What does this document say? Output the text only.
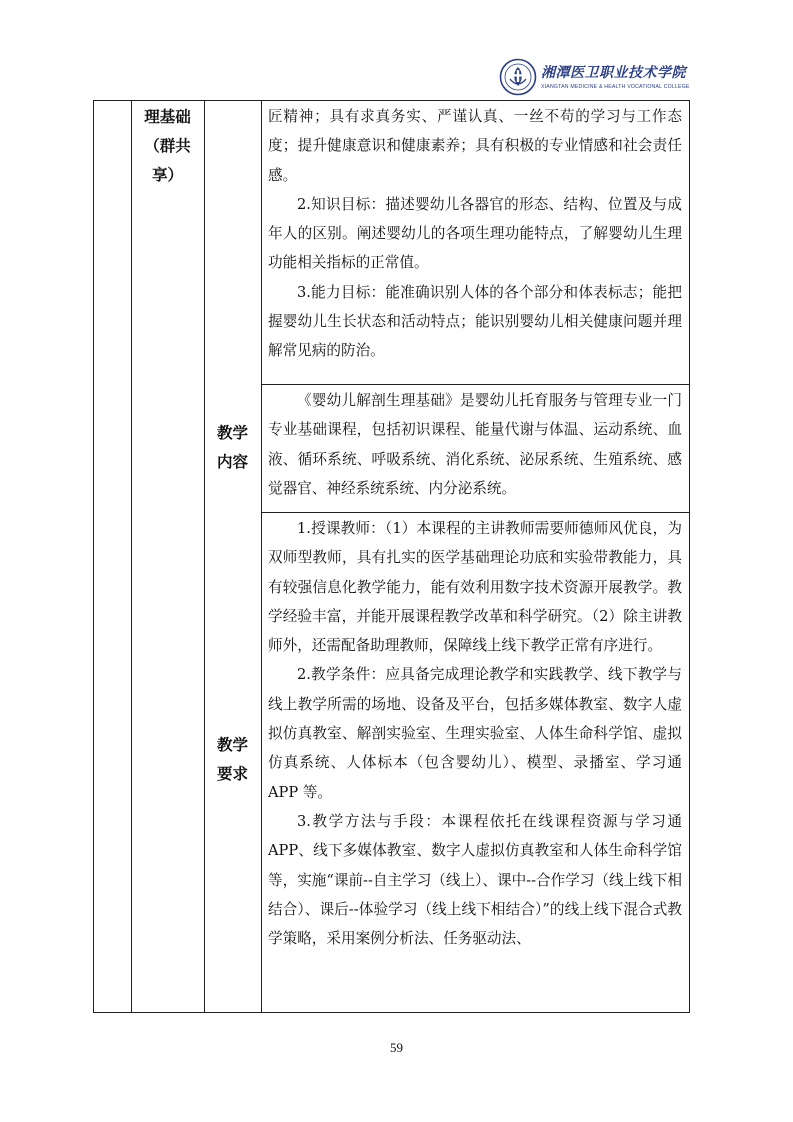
湘潭医卫职业技术学院
XIANGTAN MEDICINE & HEALTH VOCATIONAL COLLEGE
理基础
（群共
享）

匠精神；具有求真务实、严谨认真、一丝不苟的学习与工作态度；提升健康意识和健康素养；具有积极的专业情感和社会责任感。

2.知识目标：描述婴幼儿各器官的形态、结构、位置及与成年人的区别。阐述婴幼儿的各项生理功能特点，了解婴幼儿生理功能相关指标的正常值。

3.能力目标：能准确识别人体的各个部分和体表标志；能把握婴幼儿生长状态和活动特点；能识别婴幼儿相关健康问题并理解常见病的防治。

教学
内容

《婴幼儿解剖生理基础》是婴幼儿托育服务与管理专业一门专业基础课程，包括初识课程、能量代谢与体温、运动系统、血液、循环系统、呼吸系统、消化系统、泌尿系统、生殖系统、感觉器官、神经系统系统、内分泌系统。

教学
要求

1.授课教师：（1）本课程的主讲教师需要师德师风优良，为双师型教师，具有扎实的医学基础理论功底和实验带教能力，具有较强信息化教学能力，能有效利用数字技术资源开展教学。教学经验丰富，并能开展课程教学改革和科学研究。（2）除主讲教师外，还需配备助理教师，保障线上线下教学正常有序进行。

2.教学条件：应具备完成理论教学和实践教学、线下教学与线上教学所需的场地、设备及平台，包括多媒体教室、数字人虚拟仿真教室、解剖实验室、生理实验室、人体生命科学馆、虚拟仿真系统、人体标本（包含婴幼儿）、模型、录播室、学习通 APP 等。

3.教学方法与手段：本课程依托在线课程资源与学习通APP、线下多媒体教室、数字人虚拟仿真教室和人体生命科学馆等，实施“课前--自主学习（线上）、课中--合作学习（线上线下相结合）、课后--体验学习（线上线下相结合）”的线上线下混合式教学策略，采用案例分析法、任务驱动法、

59
